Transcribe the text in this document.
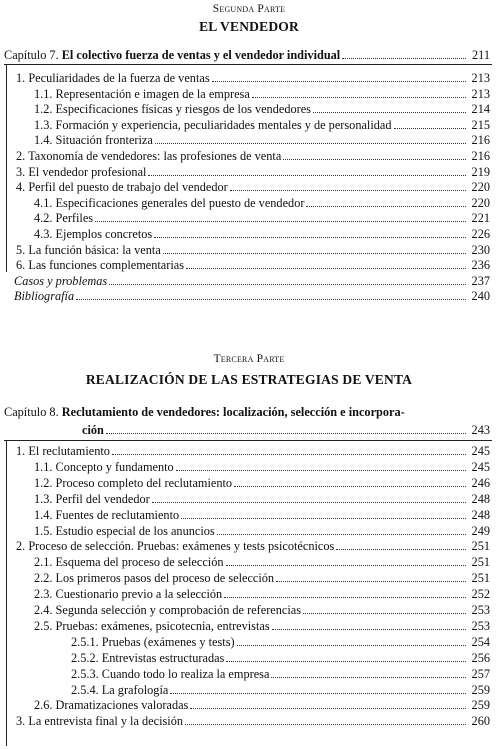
Segunda Parte
EL VENDEDOR
Capítulo 7. El colectivo fuerza de ventas y el vendedor individual	211
1. Peculiaridades de la fuerza de ventas	213
1.1. Representación e imagen de la empresa	213
1.2. Especificaciones físicas y riesgos de los vendedores	214
1.3. Formación y experiencia, peculiaridades mentales y de personalidad	215
1.4. Situación fronteriza	216
2. Taxonomía de vendedores: las profesiones de venta	216
3. El vendedor profesional	219
4. Perfil del puesto de trabajo del vendedor	220
4.1. Especificaciones generales del puesto de vendedor	220
4.2. Perfiles	221
4.3. Ejemplos concretos	226
5. La función básica: la venta	230
6. Las funciones complementarias	236
Casos y problemas	237
Bibliografía	240
Tercera Parte
REALIZACIÓN DE LAS ESTRATEGIAS DE VENTA
Capítulo 8. Reclutamiento de vendedores: localización, selección e incorpora-
ción	243
1. El reclutamiento	245
1.1. Concepto y fundamento	245
1.2. Proceso completo del reclutamiento	246
1.3. Perfil del vendedor	248
1.4. Fuentes de reclutamiento	248
1.5. Estudio especial de los anuncios	249
2. Proceso de selección. Pruebas: exámenes y tests psicotécnicos	251
2.1. Esquema del proceso de selección	251
2.2. Los primeros pasos del proceso de selección	251
2.3. Cuestionario previo a la selección	252
2.4. Segunda selección y comprobación de referencias	253
2.5. Pruebas: exámenes, psicotecnia, entrevistas	253
2.5.1. Pruebas (exámenes y tests)	254
2.5.2. Entrevistas estructuradas	256
2.5.3. Cuando todo lo realiza la empresa	257
2.5.4. La grafología	259
2.6. Dramatizaciones valoradas	259
3. La entrevista final y la decisión	260
